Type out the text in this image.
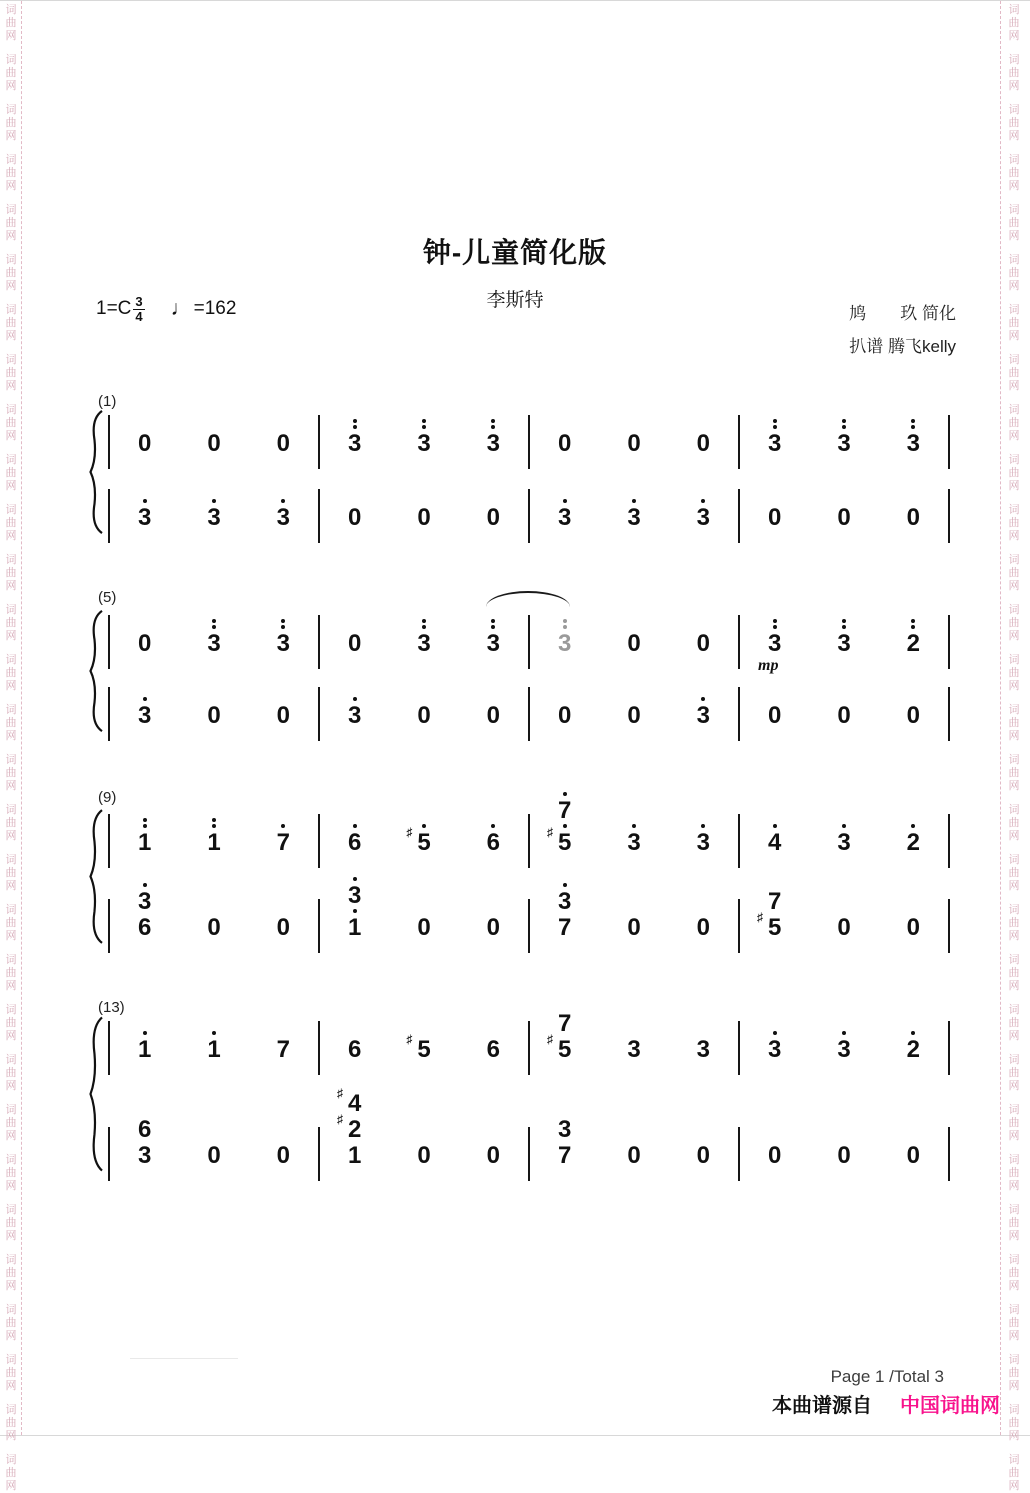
词
曲
网
词
曲
网
词
曲
网
词
曲
网
词
曲
网
词
曲
网
词
曲
网
词
曲
网
词
曲
网
词
曲
网
词
曲
网
词
曲
网
词
曲
网
词
曲
网
词
曲
网
词
曲
网
词
曲
网
词
曲
网
词
曲
网
词
曲
网
词
曲
网
词
曲
网
词
曲
网
词
曲
网
词
曲
网
词
曲
网
词
曲
网
词
曲
网
词
曲
网
词
曲
网
词
曲
网
词
曲
网
词
曲
网
词
曲
网
词
曲
网
词
曲
网
词
曲
网
词
曲
网
词
曲
网
词
曲
网
词
曲
网
词
曲
网
词
曲
网
词
曲
网
词
曲
网
词
曲
网
词
曲
网
词
曲
网
词
曲
网
词
曲
网
词
曲
网
词
曲
网
词
曲
网
词
曲
网
词
曲
网
词
曲
网
词
曲
网
词
曲
网
词
曲
网
词
曲
网
钟-儿童简化版
李斯特
$1=C \frac{3}{4}$ ♩ =162	鸠　　玖 简化
扒谱 腾飞kelly
(1)
0 0 0 3 3 3 0 0 0 3 3 3
3 3 3 0 0 0 3 3 3 0 0 0
(5)
0 3 3 0 3 3 3 0 0 3 3 2
mp
3 0 0 3 0 0 0 0 3 0 0 0
(9)
1 1 7 6 5
♯	6
7
5
♯	3 3 4 3 2
3
6 0 0
3
1 0 0
3
7 0 0
7
5
♯	0 0
(13)
1 1 7 6 5
♯	6
7
5
♯	3 3 3 3 2
6
3 0 0
4
♯
2
♯
1 0 0
3
7 0 0 0 0 0
Page 1 /Total 3
本曲谱源自 中国词曲网
